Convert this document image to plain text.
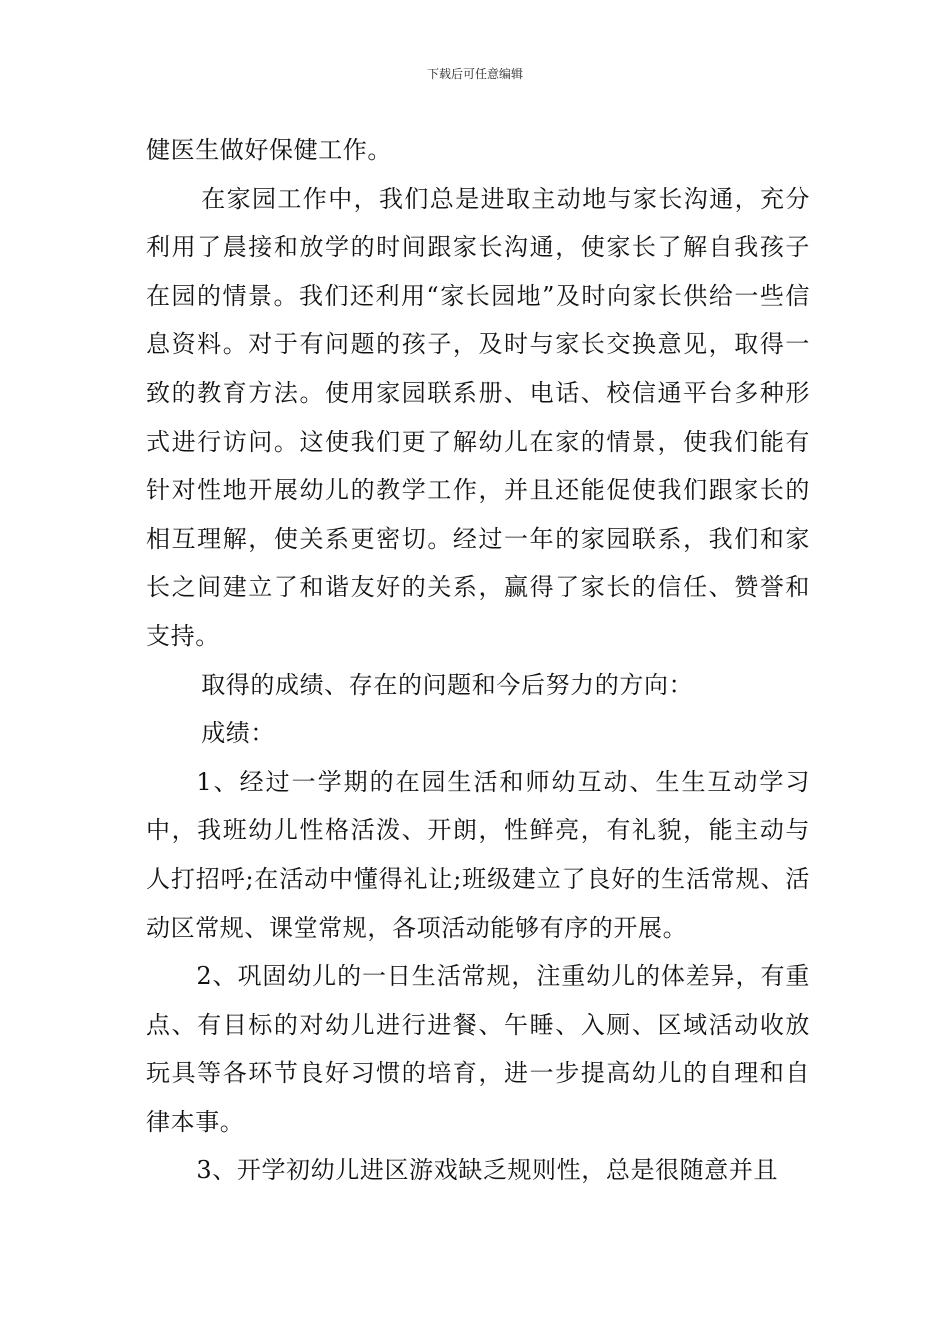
下载后可任意编辑

健医生做好保健工作。

在家园工作中，我们总是进取主动地与家长沟通，充分利用了晨接和放学的时间跟家长沟通，使家长了解自我孩子在园的情景。我们还利用“家长园地”及时向家长供给一些信息资料。对于有问题的孩子，及时与家长交换意见，取得一致的教育方法。使用家园联系册、电话、校信通平台多种形式进行访问。这使我们更了解幼儿在家的情景，使我们能有针对性地开展幼儿的教学工作，并且还能促使我们跟家长的相互理解，使关系更密切。经过一年的家园联系，我们和家长之间建立了和谐友好的关系，赢得了家长的信任、赞誉和支持。

取得的成绩、存在的问题和今后努力的方向：

成绩：

1、经过一学期的在园生活和师幼互动、生生互动学习中，我班幼儿性格活泼、开朗，性鲜亮，有礼貌，能主动与人打招呼;在活动中懂得礼让;班级建立了良好的生活常规、活动区常规、课堂常规，各项活动能够有序的开展。

2、巩固幼儿的一日生活常规，注重幼儿的体差异，有重点、有目标的对幼儿进行进餐、午睡、入厕、区域活动收放玩具等各环节良好习惯的培育，进一步提高幼儿的自理和自律本事。

3、开学初幼儿进区游戏缺乏规则性，总是很随意并且
